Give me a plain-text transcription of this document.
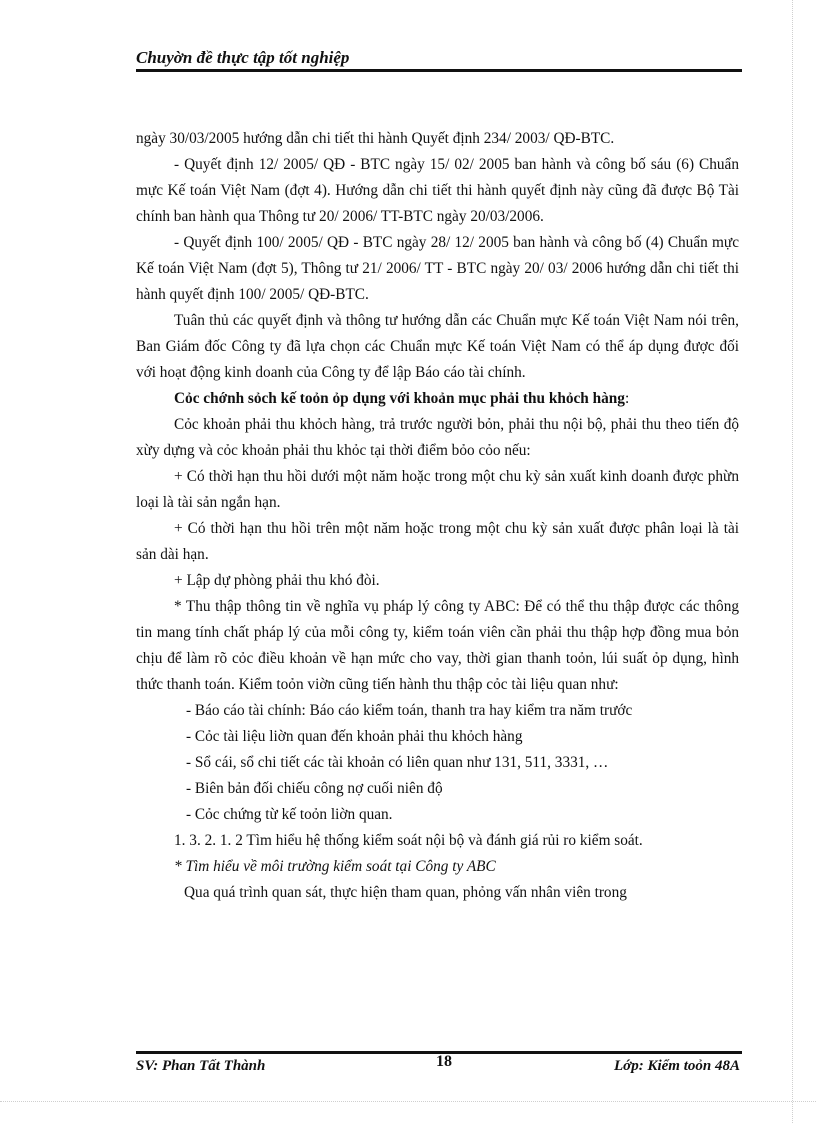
Chuyờn đề thực tập tốt nghiệp

ngày 30/03/2005 hướng dẫn chi tiết thi hành Quyết định 234/ 2003/ QĐ-BTC.

- Quyết định 12/ 2005/ QĐ - BTC ngày 15/ 02/ 2005 ban hành và công bố sáu (6) Chuẩn mực Kế toán Việt Nam (đợt 4). Hướng dẫn chi tiết thi hành quyết định này cũng đã được Bộ Tài chính ban hành qua Thông tư 20/ 2006/ TT-BTC ngày 20/03/2006.

- Quyết định 100/ 2005/ QĐ - BTC ngày 28/ 12/ 2005 ban hành và công bố (4) Chuẩn mực Kế toán Việt Nam (đợt 5), Thông tư 21/ 2006/ TT - BTC ngày 20/ 03/ 2006 hướng dẫn chi tiết thi hành quyết định 100/ 2005/ QĐ-BTC.

Tuân thủ các quyết định và thông tư hướng dẫn các Chuẩn mực Kế toán Việt Nam nói trên, Ban Giám đốc Công ty đã lựa chọn các Chuẩn mực Kế toán Việt Nam có thể áp dụng được đối với hoạt động kinh doanh của Công ty để lập Báo cáo tài chính.

Cỏc chớnh sỏch kế toỏn ỏp dụng với khoản mục phải thu khỏch hàng:

Cỏc khoản phải thu khỏch hàng, trả trước người bỏn, phải thu nội bộ, phải thu theo tiến độ xừy dựng và cỏc khoản phải thu khỏc tại thời điểm bỏo cỏo nếu:

+ Có thời hạn thu hồi dưới một năm hoặc trong một chu kỳ sản xuất kinh doanh được phừn loại là tài sản ngắn hạn.

+ Có thời hạn thu hồi trên một năm hoặc trong một chu kỳ sản xuất được phân loại là tài sản dài hạn.

+ Lập dự phòng phải thu khó đòi.

* Thu thập thông tin về nghĩa vụ pháp lý công ty ABC: Để có thể thu thập được các thông tin mang tính chất pháp lý của mỗi công ty, kiểm toán viên cần phải thu thập hợp đồng mua bỏn chịu để làm rõ cỏc điều khoản về hạn mức cho vay, thời gian thanh toỏn, lúi suất ỏp dụng, hình thức thanh toán. Kiểm toỏn viờn cũng tiến hành thu thập cỏc tài liệu quan như:

- Báo cáo tài chính: Báo cáo kiểm toán, thanh tra hay kiểm tra năm trước

- Cỏc tài liệu liờn quan đến khoản phải thu khỏch hàng

- Sổ cái, sổ chi tiết các tài khoản có liên quan như 131, 511, 3331, …

- Biên bản đối chiếu công nợ cuối niên độ

- Cỏc chứng từ kế toỏn liờn quan.

1. 3. 2. 1. 2 Tìm hiểu hệ thống kiểm soát nội bộ và đánh giá rủi ro kiểm soát.

* Tìm hiểu về môi trường kiểm soát tại Công ty ABC

Qua quá trình quan sát, thực hiện tham quan, phỏng vấn nhân viên trong

SV: Phan Tất Thành	18	Lớp: Kiểm toỏn 48A
